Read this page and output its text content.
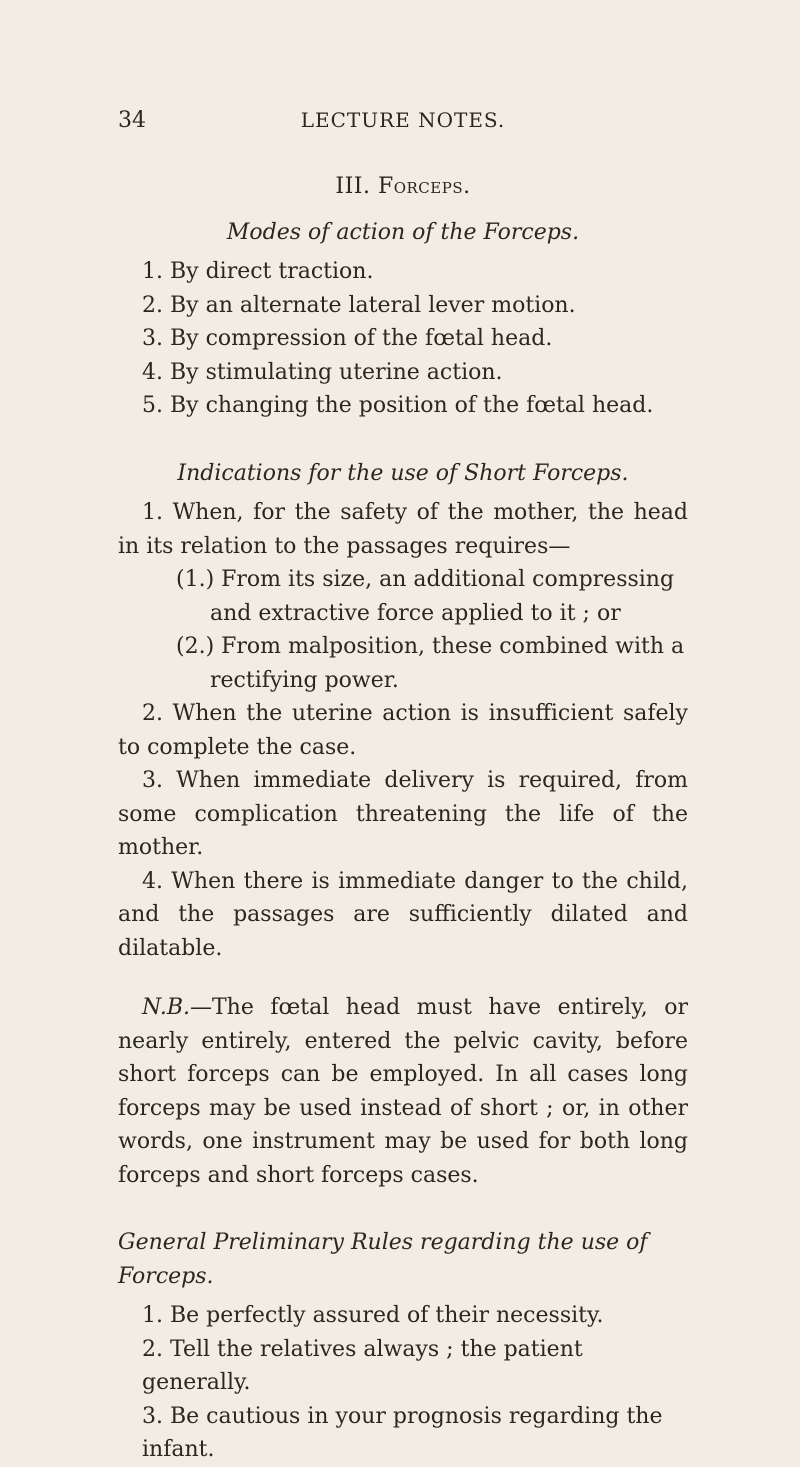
34	LECTURE NOTES.
III. Forceps.
Modes of action of the Forceps.
1. By direct traction.
2. By an alternate lateral lever motion.
3. By compression of the fœtal head.
4. By stimulating uterine action.
5. By changing the position of the fœtal head.
Indications for the use of Short Forceps.
1. When, for the safety of the mother, the head in its relation to the passages requires—
(1.) From its size, an additional compressing and extractive force applied to it ; or
(2.) From malposition, these combined with a rectifying power.
2. When the uterine action is insufficient safely to complete the case.
3. When immediate delivery is required, from some complication threatening the life of the mother.
4. When there is immediate danger to the child, and the passages are sufficiently dilated and dilatable.
N.B.—The fœtal head must have entirely, or nearly entirely, entered the pelvic cavity, before short forceps can be employed. In all cases long forceps may be used instead of short ; or, in other words, one instrument may be used for both long forceps and short forceps cases.
General Preliminary Rules regarding the use of Forceps.
1. Be perfectly assured of their necessity.
2. Tell the relatives always ; the patient generally.
3. Be cautious in your prognosis regarding the infant.
